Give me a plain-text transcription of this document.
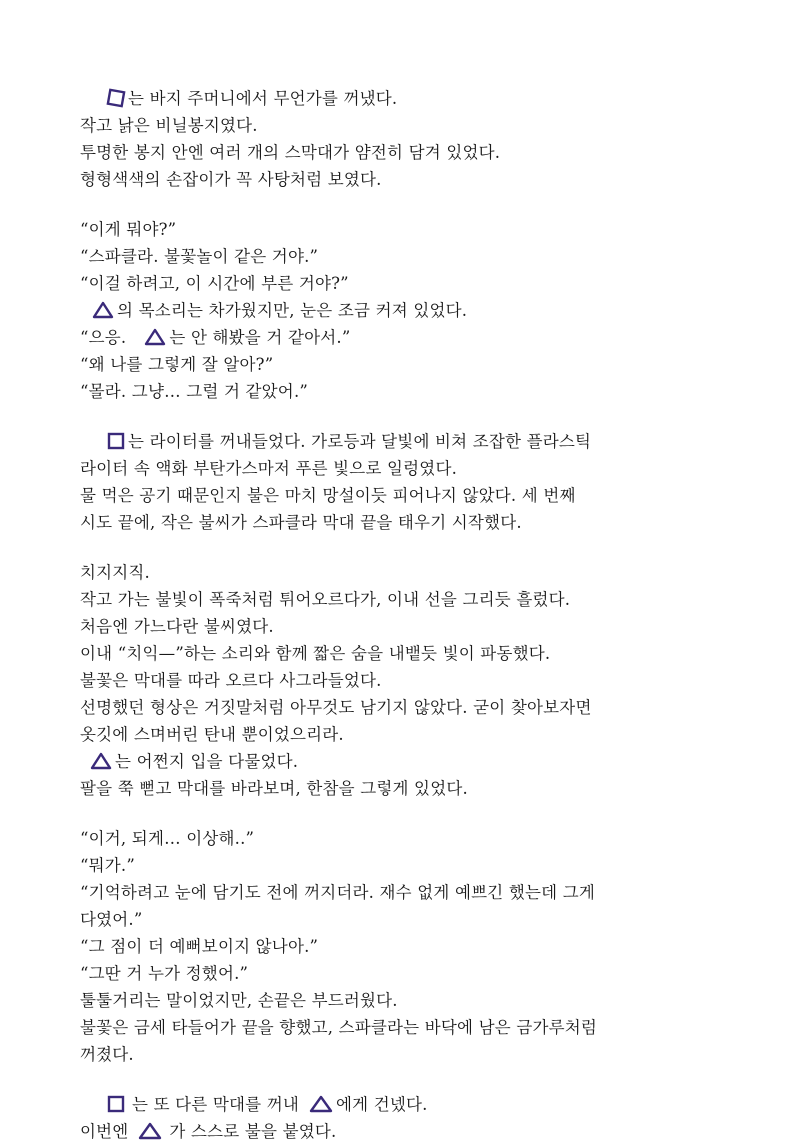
는 바지 주머니에서 무언가를 꺼냈다.
작고 낡은 비닐봉지였다.
투명한 봉지 안엔 여러 개의 스막대가 얌전히 담겨 있었다.
형형색색의 손잡이가 꼭 사탕처럼 보였다.
“이게 뭐야?”
“스파클라. 불꽃놀이 같은 거야.”
“이걸 하려고, 이 시간에 부른 거야?”
의 목소리는 차가웠지만, 눈은 조금 커져 있었다.
“으응.	는 안 해봤을 거 같아서.”
“왜 나를 그렇게 잘 알아?”
“몰라. 그냥… 그럴 거 같았어.”
는 라이터를 꺼내들었다. 가로등과 달빛에 비쳐 조잡한 플라스틱
라이터 속 액화 부탄가스마저 푸른 빛으로 일렁였다.
물 먹은 공기 때문인지 불은 마치 망설이듯 피어나지 않았다. 세 번째
시도 끝에, 작은 불씨가 스파클라 막대 끝을 태우기 시작했다.
치지지직.
작고 가는 불빛이 폭죽처럼 튀어오르다가, 이내 선을 그리듯 흘렀다.
처음엔 가느다란 불씨였다.
이내 “치익—”하는 소리와 함께 짧은 숨을 내뱉듯 빛이 파동했다.
불꽃은 막대를 따라 오르다 사그라들었다.
선명했던 형상은 거짓말처럼 아무것도 남기지 않았다. 굳이 찾아보자면
옷깃에 스며버린 탄내 뿐이었으리라.
는 어쩐지 입을 다물었다.
팔을 쭉 뻗고 막대를 바라보며, 한참을 그렇게 있었다.
“이거, 되게… 이상해..”
“뭐가.”
“기억하려고 눈에 담기도 전에 꺼지더라. 재수 없게 예쁘긴 했는데 그게
다였어.”
“그 점이 더 예뻐보이지 않나아.”
“그딴 거 누가 정했어.”
툴툴거리는 말이었지만, 손끝은 부드러웠다.
불꽃은 금세 타들어가 끝을 향했고, 스파클라는 바닥에 남은 금가루처럼
꺼졌다.
는 또 다른 막대를 꺼내 에게 건넸다.
이번엔 가 스스로 불을 붙였다.
